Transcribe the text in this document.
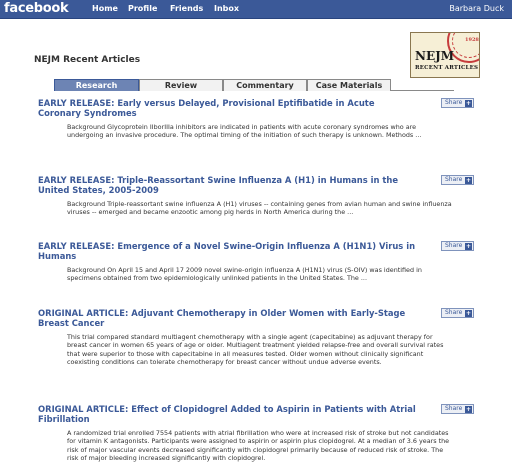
facebook	Home Profile Friends Inbox	Barbara Duck
NEJM Recent Articles
1928
NEJM
RECENT ARTICLES
Research	Review	Commentary	Case Materials
EARLY RELEASE: Early versus Delayed, Provisional Eptifibatide in Acute Coronary Syndromes
Share +
Background Glycoprotein IIborIIIa inhibitors are indicated in patients with acute coronary syndromes who are undergoing an invasive procedure. The optimal timing of the initiation of such therapy is unknown. Methods ...
EARLY RELEASE: Triple-Reassortant Swine Influenza A (H1) in Humans in the United States, 2005-2009
Share +
Background Triple-reassortant swine influenza A (H1) viruses -- containing genes from avian human and swine influenza viruses -- emerged and became enzootic among pig herds in North America during the ...
EARLY RELEASE: Emergence of a Novel Swine-Origin Influenza A (H1N1) Virus in Humans
Share +
Background On April 15 and April 17 2009 novel swine-origin influenza A (H1N1) virus (S-OIV) was identified in specimens obtained from two epidemiologically unlinked patients in the United States. The ...
ORIGINAL ARTICLE: Adjuvant Chemotherapy in Older Women with Early-Stage Breast Cancer
Share +
This trial compared standard multiagent chemotherapy with a single agent (capecitabine) as adjuvant therapy for breast cancer in women 65 years of age or older. Multiagent treatment yielded relapse-free and overall survival rates that were superior to those with capecitabine in all measures tested. Older women without clinically significant coexisting conditions can tolerate chemotherapy for breast cancer without undue adverse events.
ORIGINAL ARTICLE: Effect of Clopidogrel Added to Aspirin in Patients with Atrial Fibrillation
Share +
A randomized trial enrolled 7554 patients with atrial fibrillation who were at increased risk of stroke but not candidates for vitamin K antagonists. Participants were assigned to aspirin or aspirin plus clopidogrel. At a median of 3.6 years the risk of major vascular events decreased significantly with clopidogrel primarily because of reduced risk of stroke. The risk of major bleeding increased significantly with clopidogrel.
